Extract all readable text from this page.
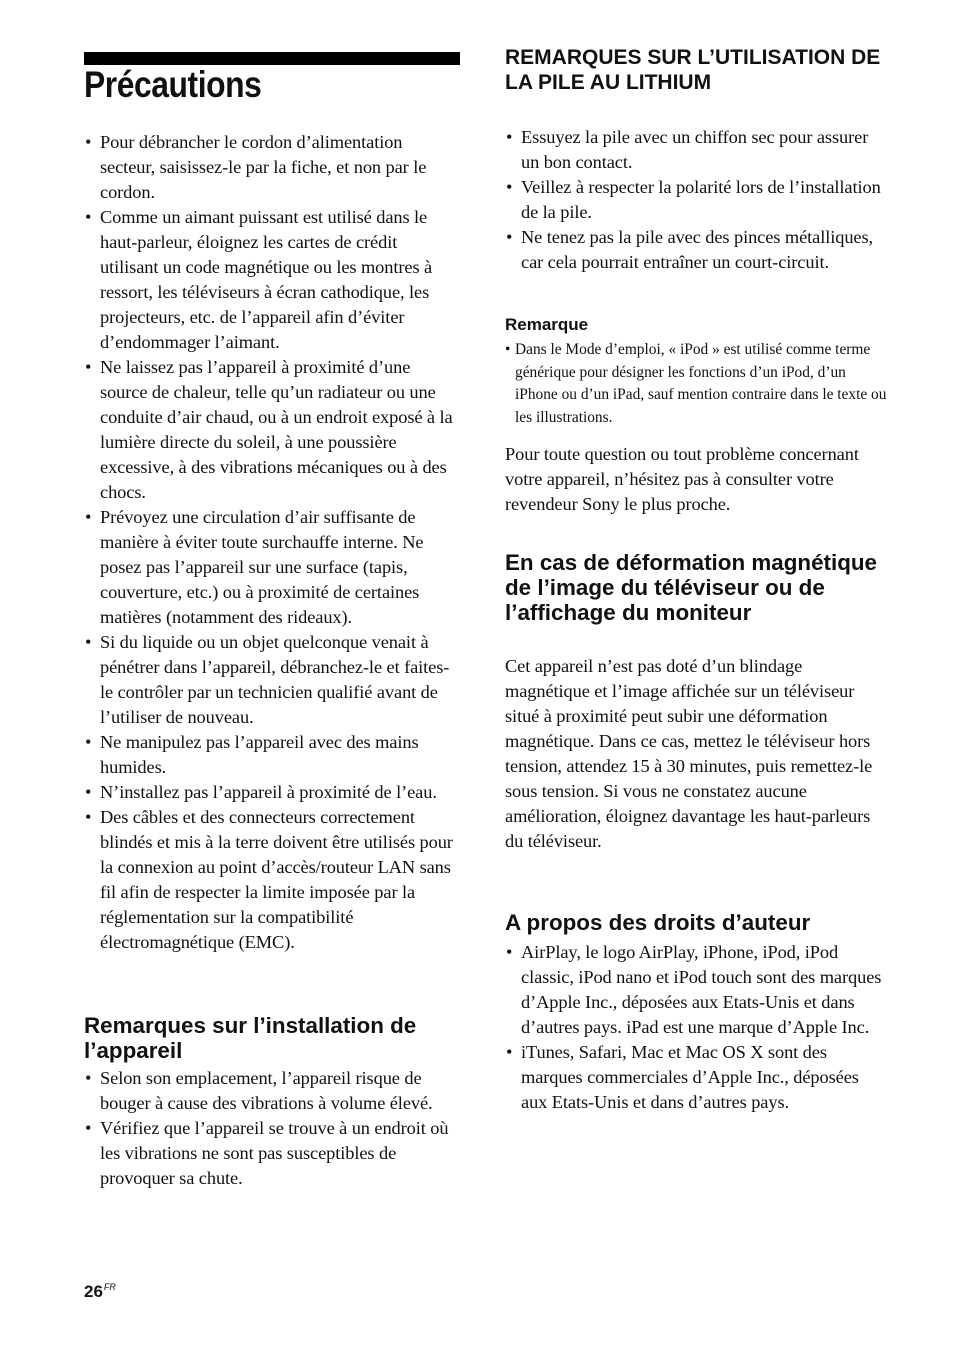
Précautions
• Pour débrancher le cordon d’alimentation secteur, saisissez-le par la fiche, et non par le cordon.
• Comme un aimant puissant est utilisé dans le haut-parleur, éloignez les cartes de crédit utilisant un code magnétique ou les montres à ressort, les téléviseurs à écran cathodique, les projecteurs, etc. de l’appareil afin d’éviter d’endommager l’aimant.
• Ne laissez pas l’appareil à proximité d’une source de chaleur, telle qu’un radiateur ou une conduite d’air chaud, ou à un endroit exposé à la lumière directe du soleil, à une poussière excessive, à des vibrations mécaniques ou à des chocs.
• Prévoyez une circulation d’air suffisante de manière à éviter toute surchauffe interne. Ne posez pas l’appareil sur une surface (tapis, couverture, etc.) ou à proximité de certaines matières (notamment des rideaux).
• Si du liquide ou un objet quelconque venait à pénétrer dans l’appareil, débranchez-le et faites-le contrôler par un technicien qualifié avant de l’utiliser de nouveau.
• Ne manipulez pas l’appareil avec des mains humides.
• N’installez pas l’appareil à proximité de l’eau.
• Des câbles et des connecteurs correctement blindés et mis à la terre doivent être utilisés pour la connexion au point d’accès/routeur LAN sans fil afin de respecter la limite imposée par la réglementation sur la compatibilité électromagnétique (EMC).
Remarques sur l’installation de l’appareil
• Selon son emplacement, l’appareil risque de bouger à cause des vibrations à volume élevé.
• Vérifiez que l’appareil se trouve à un endroit où les vibrations ne sont pas susceptibles de provoquer sa chute.
REMARQUES SUR L’UTILISATION DE LA PILE AU LITHIUM
• Essuyez la pile avec un chiffon sec pour assurer un bon contact.
• Veillez à respecter la polarité lors de l’installation de la pile.
• Ne tenez pas la pile avec des pinces métalliques, car cela pourrait entraîner un court-circuit.
Remarque
• Dans le Mode d’emploi, « iPod » est utilisé comme terme générique pour désigner les fonctions d’un iPod, d’un iPhone ou d’un iPad, sauf mention contraire dans le texte ou les illustrations.

Pour toute question ou tout problème concernant votre appareil, n’hésitez pas à consulter votre revendeur Sony le plus proche.

En cas de déformation magnétique de l’image du téléviseur ou de l’affichage du moniteur

Cet appareil n’est pas doté d’un blindage magnétique et l’image affichée sur un téléviseur situé à proximité peut subir une déformation magnétique. Dans ce cas, mettez le téléviseur hors tension, attendez 15 à 30 minutes, puis remettez-le sous tension. Si vous ne constatez aucune amélioration, éloignez davantage les haut-parleurs du téléviseur.

A propos des droits d’auteur
• AirPlay, le logo AirPlay, iPhone, iPod, iPod classic, iPod nano et iPod touch sont des marques d’Apple Inc., déposées aux Etats-Unis et dans d’autres pays. iPad est une marque d’Apple Inc.
• iTunes, Safari, Mac et Mac OS X sont des marques commerciales d’Apple Inc., déposées aux Etats-Unis et dans d’autres pays.
$26^{FR}$
